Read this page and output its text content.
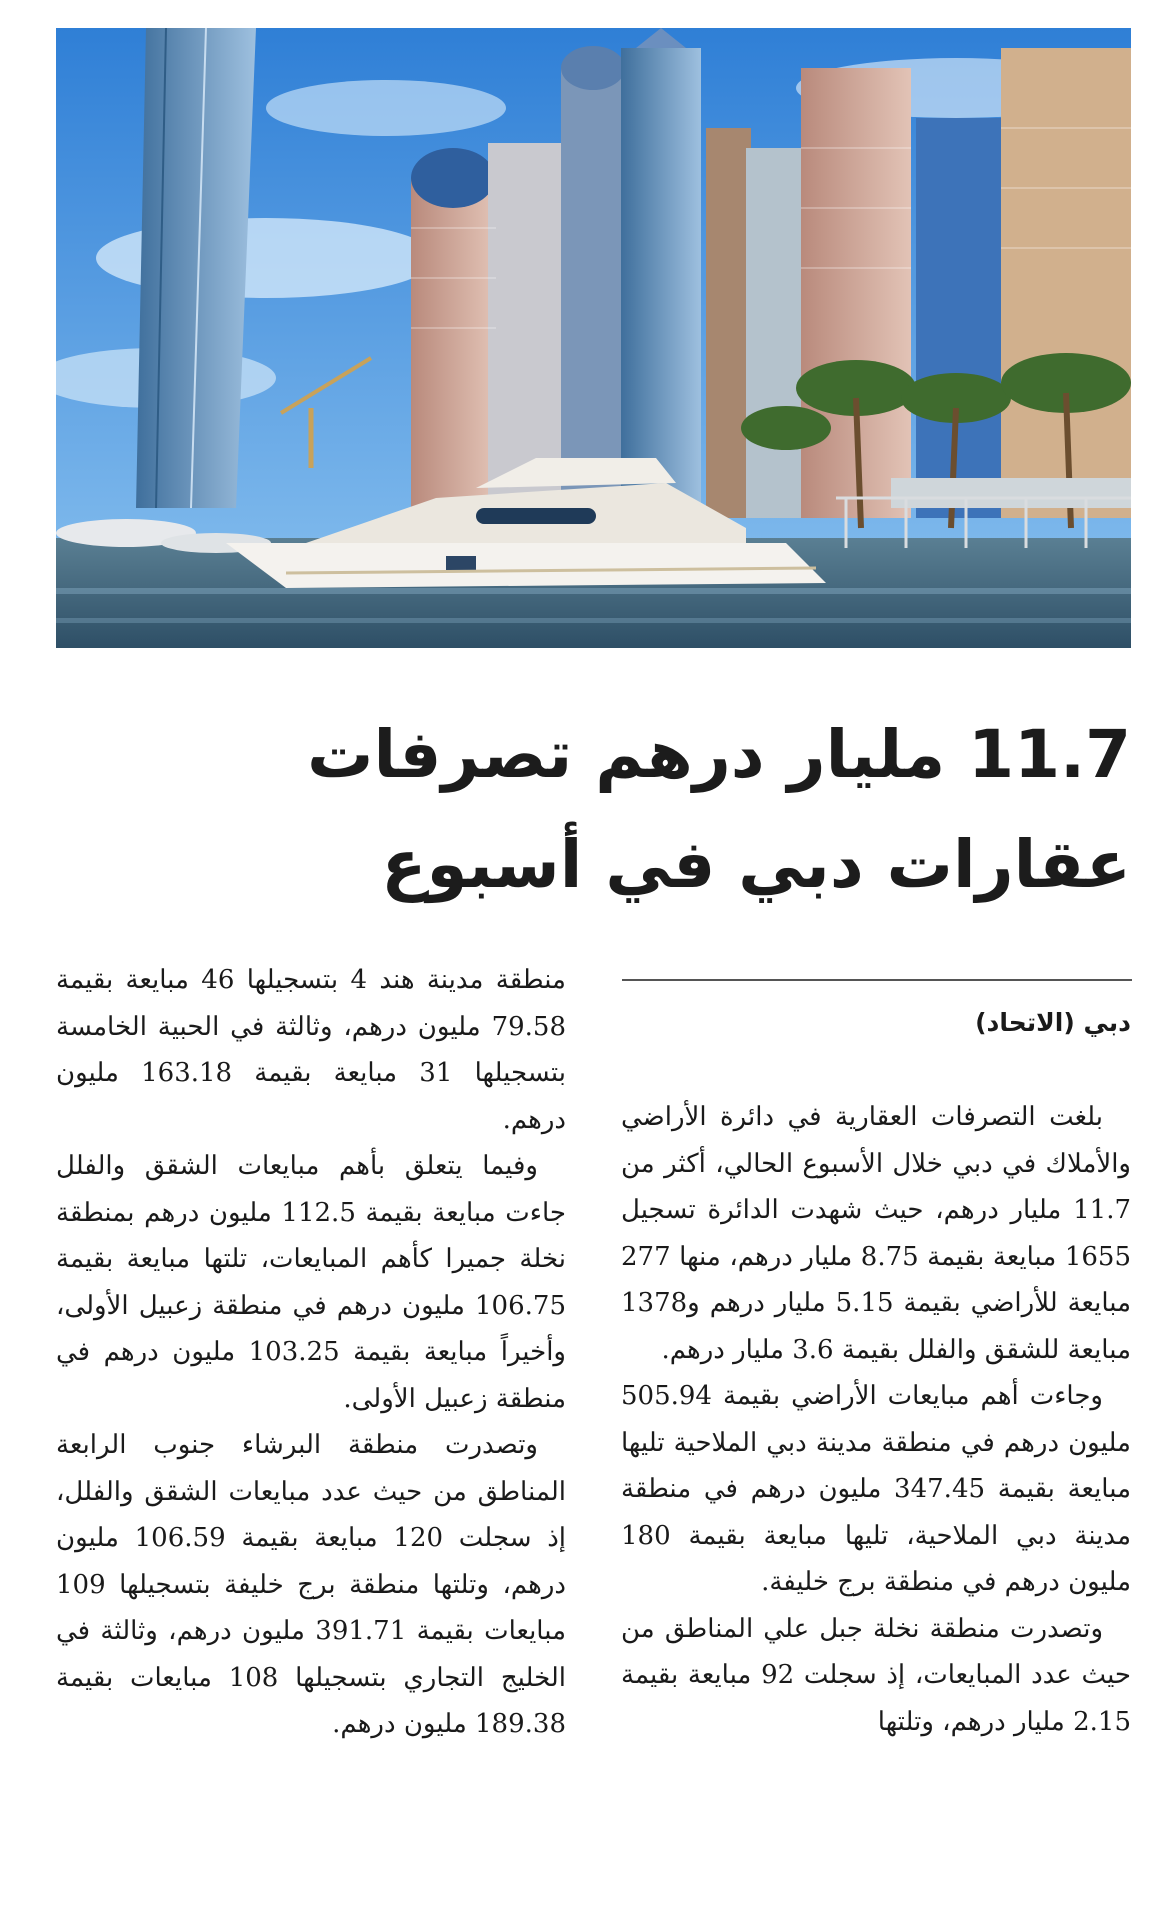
11.7 مليار درهم تصرفات
عقارات دبي في أسبوع
دبي (الاتحاد)

بلغت التصرفات العقارية في دائرة الأراضي والأملاك في دبي خلال الأسبوع الحالي، أكثر من 11.7 مليار درهم، حيث شهدت الدائرة تسجيل 1655 مبايعة بقيمة 8.75 مليار درهم، منها 277 مبايعة للأراضي بقيمة 5.15 مليار درهم و1378 مبايعة للشقق والفلل بقيمة 3.6 مليار درهم.

وجاءت أهم مبايعات الأراضي بقيمة 505.94 مليون درهم في منطقة مدينة دبي الملاحية تليها مبايعة بقيمة 347.45 مليون درهم في منطقة مدينة دبي الملاحية، تليها مبايعة بقيمة 180 مليون درهم في منطقة برج خليفة.

وتصدرت منطقة نخلة جبل علي المناطق من حيث عدد المبايعات، إذ سجلت 92 مبايعة بقيمة 2.15 مليار درهم، وتلتها

منطقة مدينة هند 4 بتسجيلها 46 مبايعة بقيمة 79.58 مليون درهم، وثالثة في الحبية الخامسة بتسجيلها 31 مبايعة بقيمة 163.18 مليون درهم.

وفيما يتعلق بأهم مبايعات الشقق والفلل جاءت مبايعة بقيمة 112.5 مليون درهم بمنطقة نخلة جميرا كأهم المبايعات، تلتها مبايعة بقيمة 106.75 مليون درهم في منطقة زعبيل الأولى، وأخيراً مبايعة بقيمة 103.25 مليون درهم في منطقة زعبيل الأولى.

وتصدرت منطقة البرشاء جنوب الرابعة المناطق من حيث عدد مبايعات الشقق والفلل، إذ سجلت 120 مبايعة بقيمة 106.59 مليون درهم، وتلتها منطقة برج خليفة بتسجيلها 109 مبايعات بقيمة 391.71 مليون درهم، وثالثة في الخليج التجاري بتسجيلها 108 مبايعات بقيمة 189.38 مليون درهم.
